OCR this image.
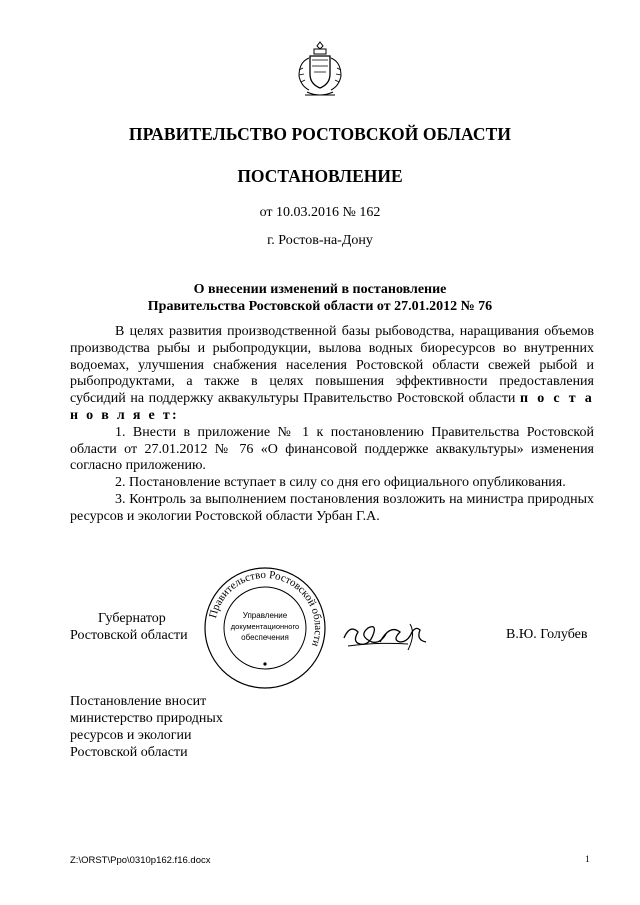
ПРАВИТЕЛЬСТВО РОСТОВСКОЙ ОБЛАСТИ
ПОСТАНОВЛЕНИЕ
от 10.03.2016 № 162
г. Ростов-на-Дону
О внесении изменений в постановление
Правительства Ростовской области от 27.01.2012 № 76

В целях развития производственной базы рыбоводства, наращивания объемов производства рыбы и рыбопродукции, вылова водных биоресурсов во внутренних водоемах, улучшения снабжения населения Ростовской области свежей рыбой и рыбопродуктами, а также в целях повышения эффективности предоставления субсидий на поддержку аквакультуры Правительство Ростовской области п о с т а н о в л я е т:

1. Внести в приложение № 1 к постановлению Правительства Ростовской области от 27.01.2012 № 76 «О финансовой поддержке аквакультуры» изменения согласно приложению.

2. Постановление вступает в силу со дня его официального опубликования.

3. Контроль за выполнением постановления возложить на министра природных ресурсов и экологии Ростовской области Урбан Г.А.

Губернатор
Ростовской области
Правительство Ростовской области
Управление
документационного
обеспечения	В.Ю. Голубев
Постановление вносит
министерство природных
ресурсов и экологии
Ростовской области
Z:\ORST\Ppo\0310p162.f16.docx	1
